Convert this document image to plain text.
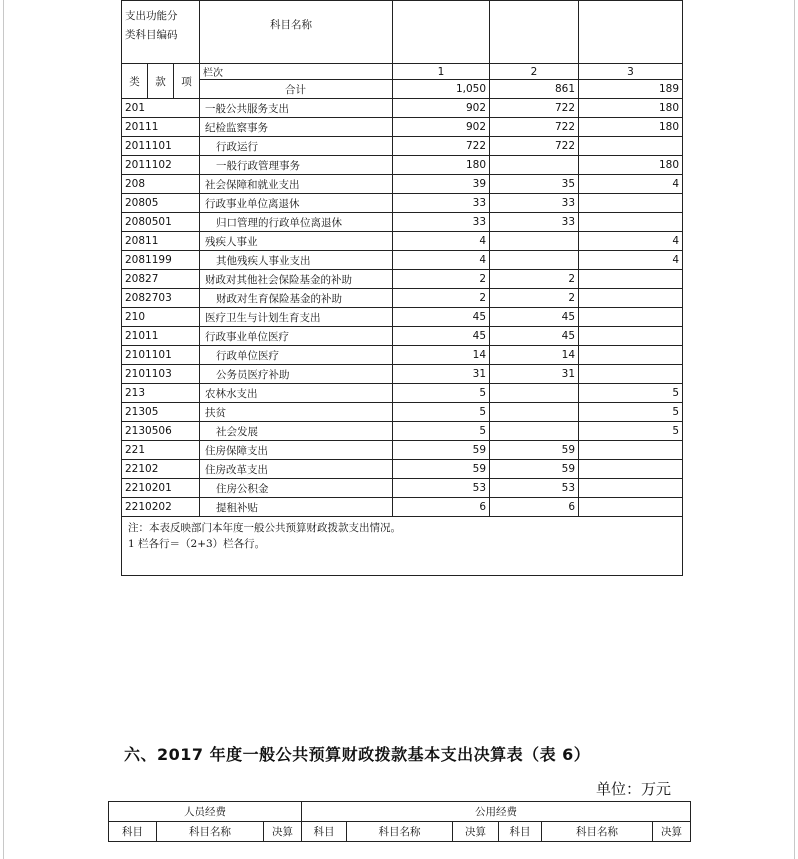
支出功能分
类科目编码			科目名称			
类	款	项	栏次	1	2	3
			合计	1,050	861	189
201			一般公共服务支出	902	722	180
20111			纪检监察事务	902	722	180
2011101			行政运行	722	722	
2011102			一般行政管理事务	180		180
208			社会保障和就业支出	39	35	4
20805			行政事业单位离退休	33	33	
2080501			归口管理的行政单位离退休	33	33	
20811			残疾人事业	4		4
2081199			其他残疾人事业支出	4		4
20827			财政对其他社会保险基金的补助	2	2	
2082703			财政对生育保险基金的补助	2	2	
210			医疗卫生与计划生育支出	45	45	
21011			行政事业单位医疗	45	45	
2101101			行政单位医疗	14	14	
2101103			公务员医疗补助	31	31	
213			农林水支出	5		5
21305			扶贫	5		5
2130506			社会发展	5		5
221			住房保障支出	59	59	
22102			住房改革支出	59	59	
2210201			住房公积金	53	53	
2210202			提租补贴	6	6	

注：本表反映部门本年度一般公共预算财政拨款支出情况。
1 栏各行＝（2+3）栏各行。						
六、2017 年度一般公共预算财政拨款基本支出决算表（表 6）
单位：万元
人员经费			公用经费					
科目	科目名称	决算	科目	科目名称	决算	科目	科目名称	决算
